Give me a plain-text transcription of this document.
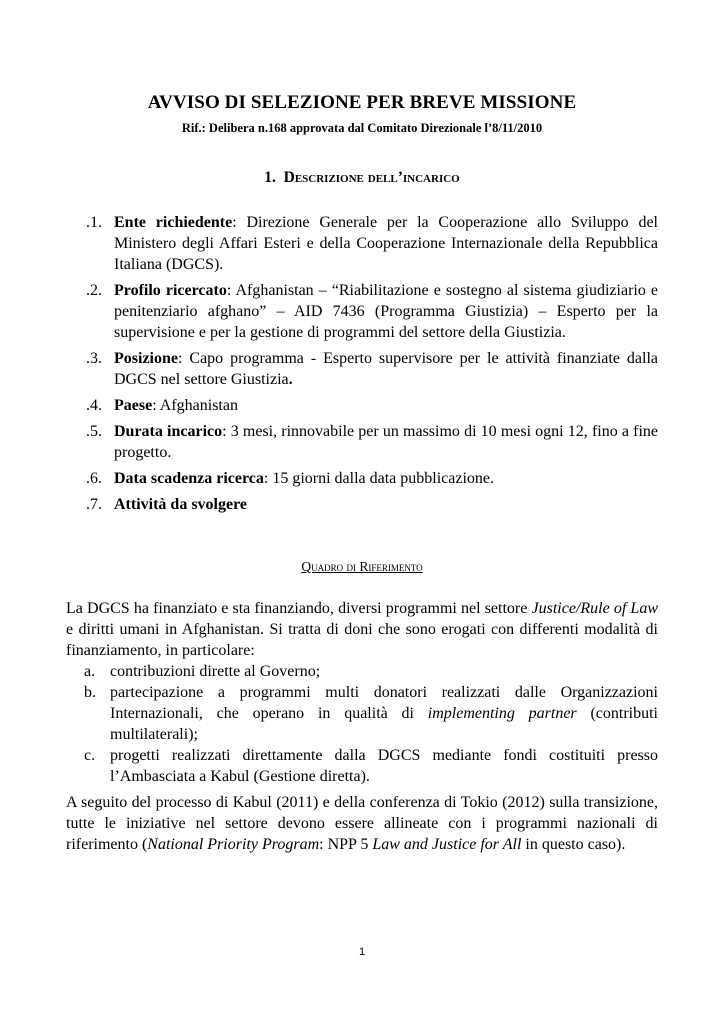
AVVISO DI SELEZIONE PER BREVE MISSIONE
Rif.: Delibera n.168 approvata dal Comitato Direzionale l’8/11/2010
1. Descrizione dell’incarico
.1. Ente richiedente: Direzione Generale per la Cooperazione allo Sviluppo del Ministero degli Affari Esteri e della Cooperazione Internazionale della Repubblica Italiana (DGCS).
.2. Profilo ricercato: Afghanistan – “Riabilitazione e sostegno al sistema giudiziario e penitenziario afghano” – AID 7436 (Programma Giustizia) – Esperto per la supervisione e per la gestione di programmi del settore della Giustizia.
.3. Posizione: Capo programma - Esperto supervisore per le attività finanziate dalla DGCS nel settore Giustizia.
.4. Paese: Afghanistan
.5. Durata incarico: 3 mesi, rinnovabile per un massimo di 10 mesi ogni 12, fino a fine progetto.
.6. Data scadenza ricerca: 15 giorni dalla data pubblicazione.
.7. Attività da svolgere
Quadro di Riferimento
La DGCS ha finanziato e sta finanziando, diversi programmi nel settore Justice/Rule of Law e diritti umani in Afghanistan. Si tratta di doni che sono erogati con differenti modalità di finanziamento, in particolare:
a. contribuzioni dirette al Governo;
b. partecipazione a programmi multi donatori realizzati dalle Organizzazioni Internazionali, che operano in qualità di implementing partner (contributi multilaterali);
c. progetti realizzati direttamente dalla DGCS mediante fondi costituiti presso l’Ambasciata a Kabul (Gestione diretta).
A seguito del processo di Kabul (2011) e della conferenza di Tokio (2012) sulla transizione, tutte le iniziative nel settore devono essere allineate con i programmi nazionali di riferimento (National Priority Program: NPP 5 Law and Justice for All in questo caso).
1
